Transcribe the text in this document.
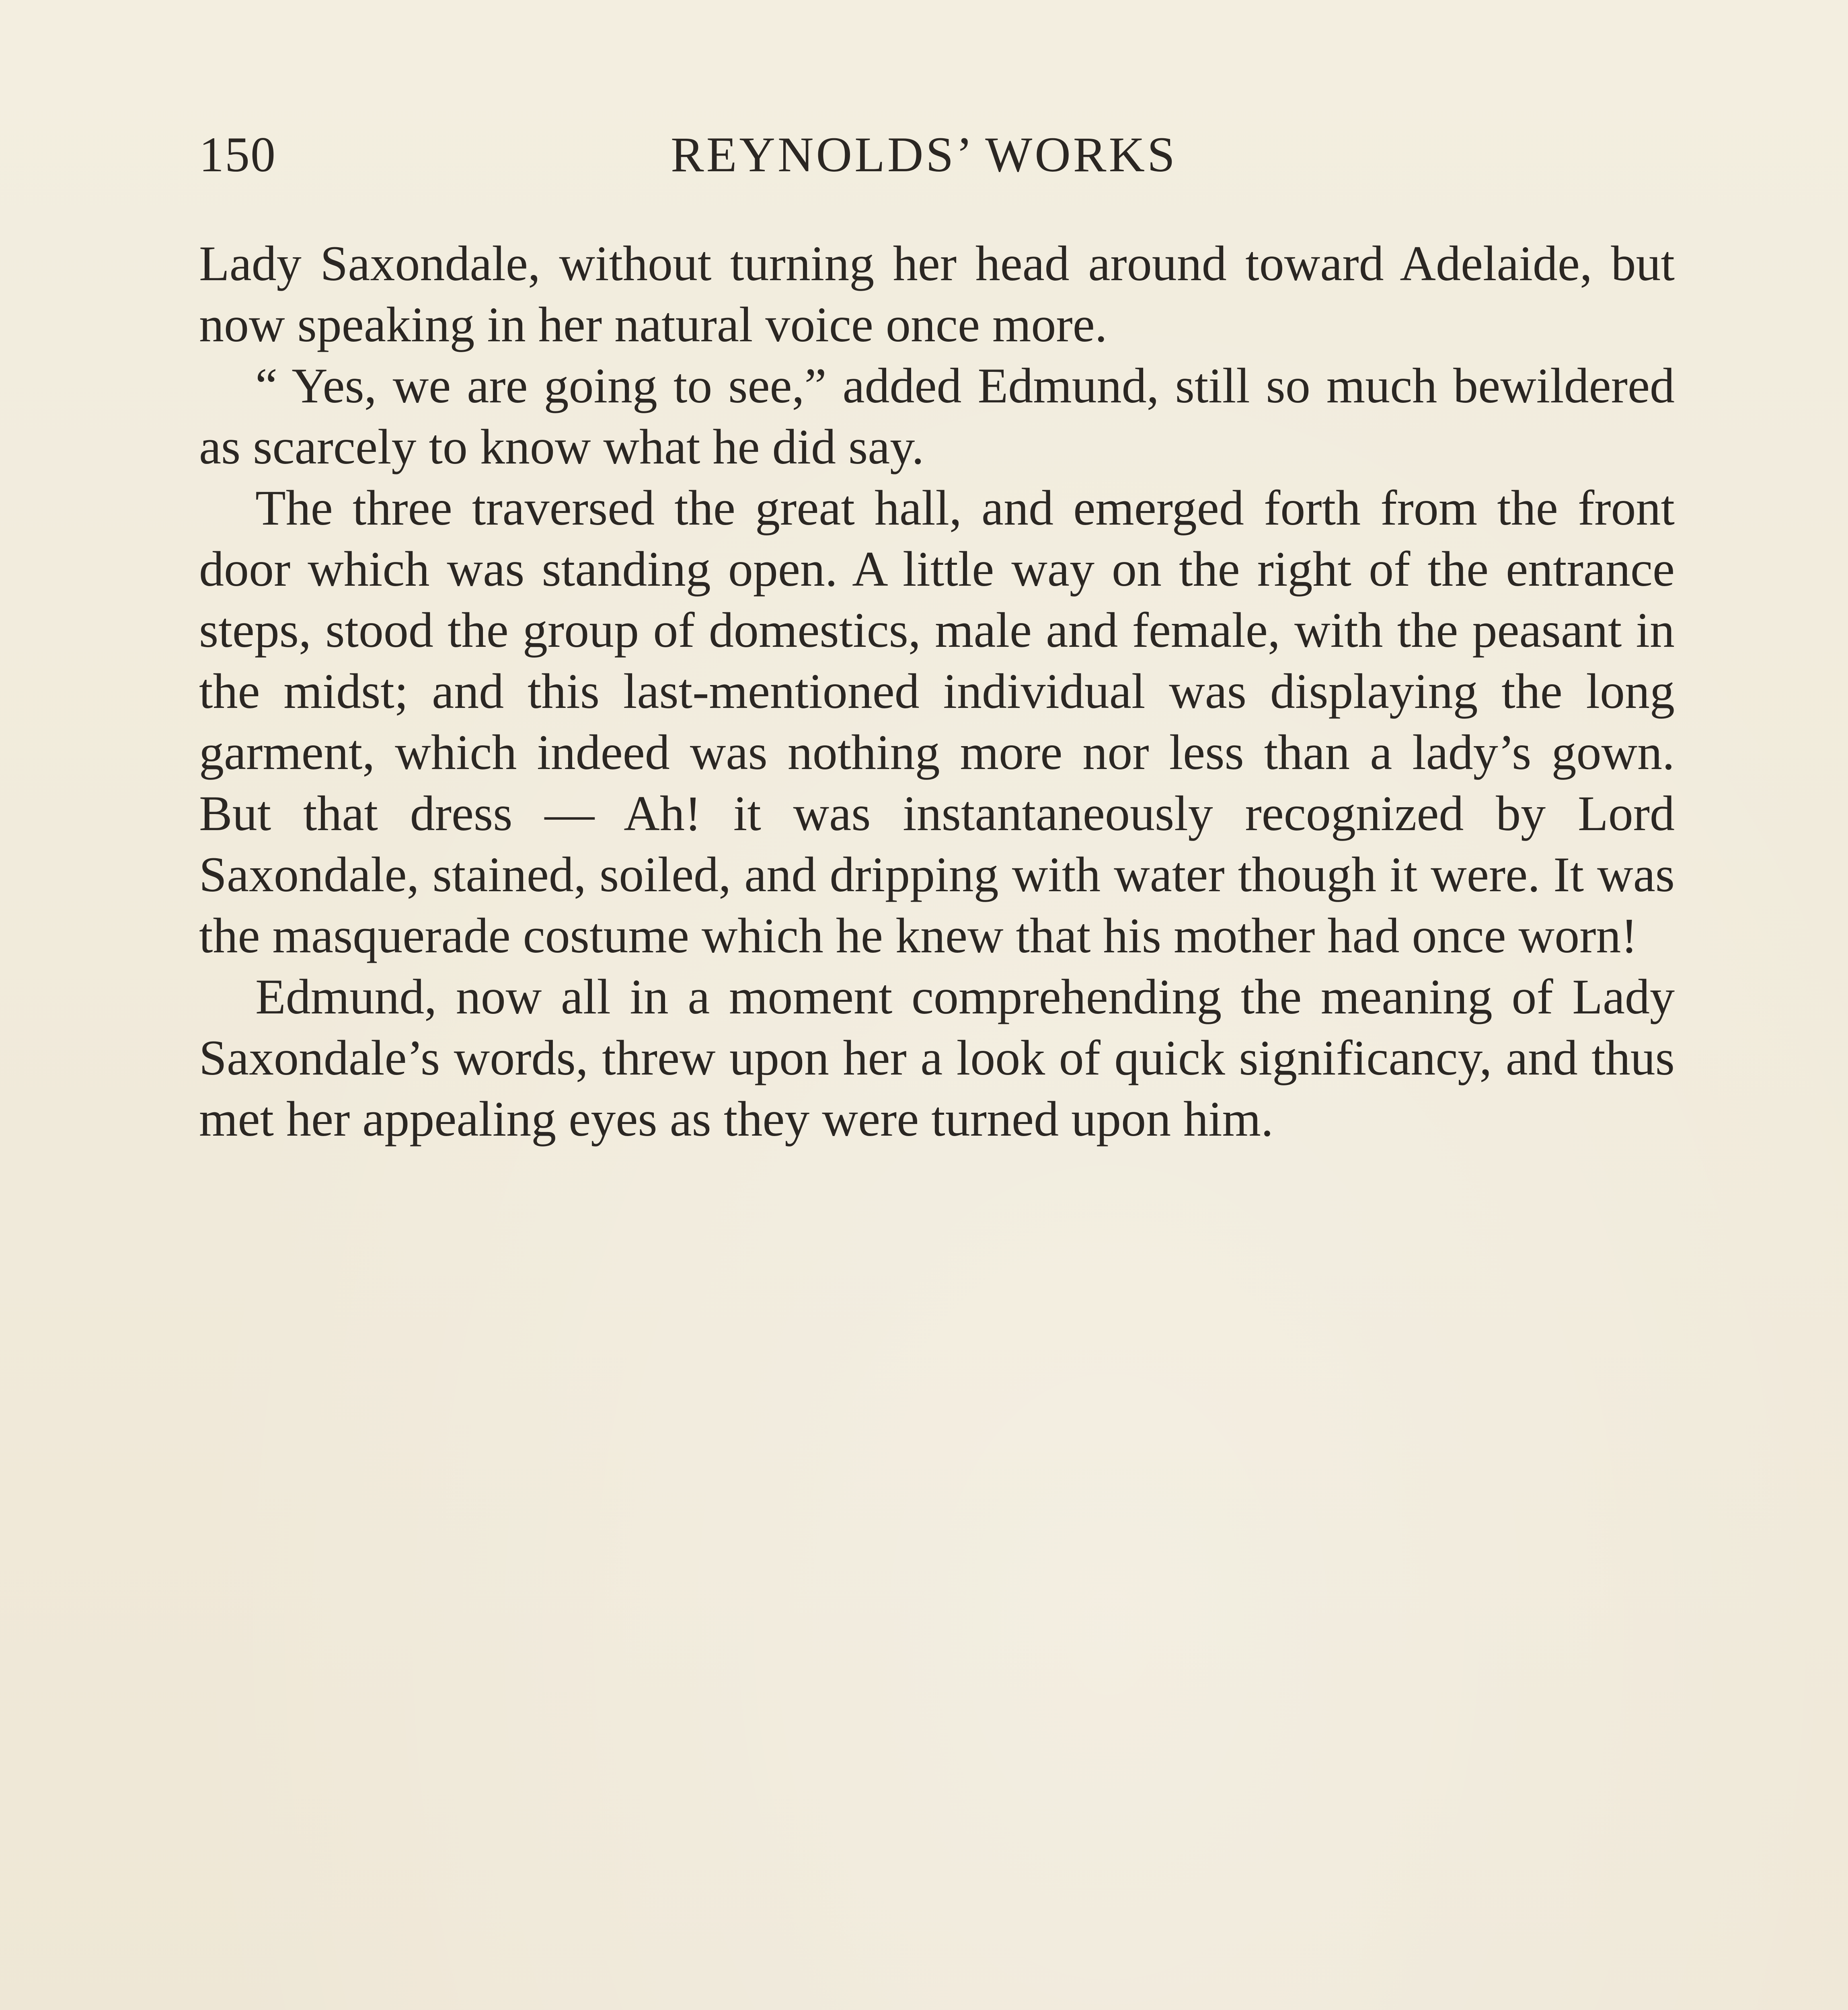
150	REYNOLDS’ WORKS

Lady Saxondale, without turning her head around toward Adelaide, but now speaking in her natural voice once more.

“ Yes, we are going to see,” added Edmund, still so much bewildered as scarcely to know what he did say.

The three traversed the great hall, and emerged forth from the front door which was standing open. A little way on the right of the entrance steps, stood the group of domestics, male and female, with the peasant in the midst; and this last-mentioned individual was displaying the long garment, which indeed was nothing more nor less than a lady’s gown. But that dress — Ah! it was instantaneously recognized by Lord Saxondale, stained, soiled, and dripping with water though it were. It was the masquerade costume which he knew that his mother had once worn!

Edmund, now all in a moment comprehending the meaning of Lady Saxondale’s words, threw upon her a look of quick significancy, and thus met her appealing eyes as they were turned upon him.
